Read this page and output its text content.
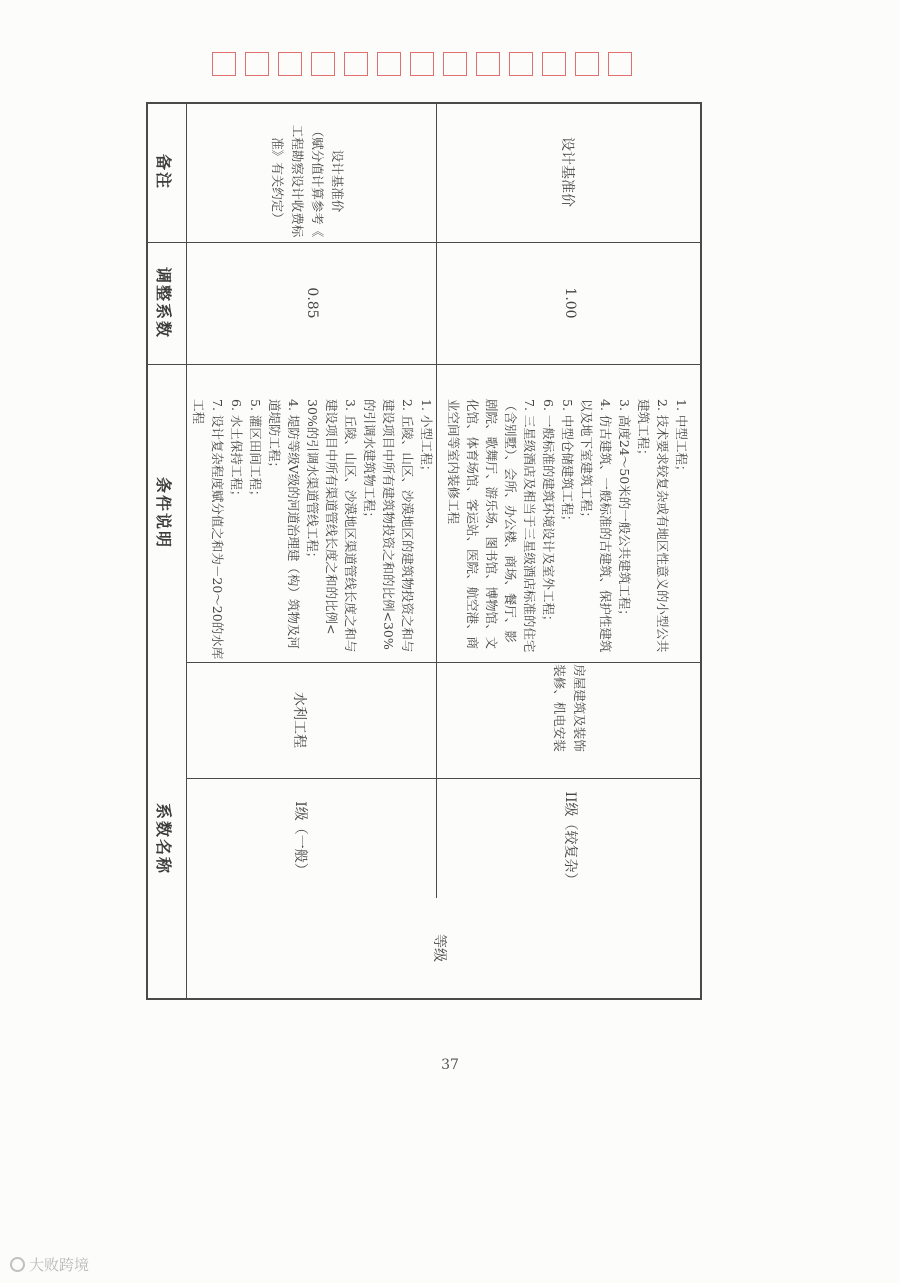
备注
调整系数
条件说明
系数名称
等级
I级（一般）
水利工程
1. 小型工程；
2. 丘陵、山区、沙漠地区的建筑物投资之和与
建设项目中所有建筑物投资之和的比例<30%
的引调水建筑物工程；
3. 丘陵、山区、沙漠地区渠道管线长度之和与
建设项目中所有渠道管线长度之和的比例<
30%的引调水渠道管线工程；
4. 堤防等级Ⅴ级的河道治理建（构）筑物及河
道堤防工程；
5. 灌区田间工程；
6. 水土保持工程；
7. 设计复杂程度赋分值之和为－20～20的水库
工程
0.85
设计基准价
（赋分值计算参考《
工程勘察设计收费标
准》有关约定）
II级（较复杂）
房屋建筑及装饰
装修、机电安装
1. 中型工程；
2. 技术要求较复杂或有地区性意义的小型公共
建筑工程；
3. 高度24～50米的一般公共建筑工程；
4. 仿古建筑、一般标准的古建筑、保护性建筑
以及地下室建筑工程；
5. 中型仓储建筑工程；
6. 一般标准的建筑环境设计及室外工程；
7. 三星级酒店及相当于三星级酒店标准的住宅
（含别墅）、会所、办公楼、商场、餐厅、影
剧院、歌舞厅、游乐场、图书馆、博物馆、文
化馆、体育场馆、客运站、医院、航空港、商
业空间等室内装修工程
1.00
设计基准价
37
大败跨境
